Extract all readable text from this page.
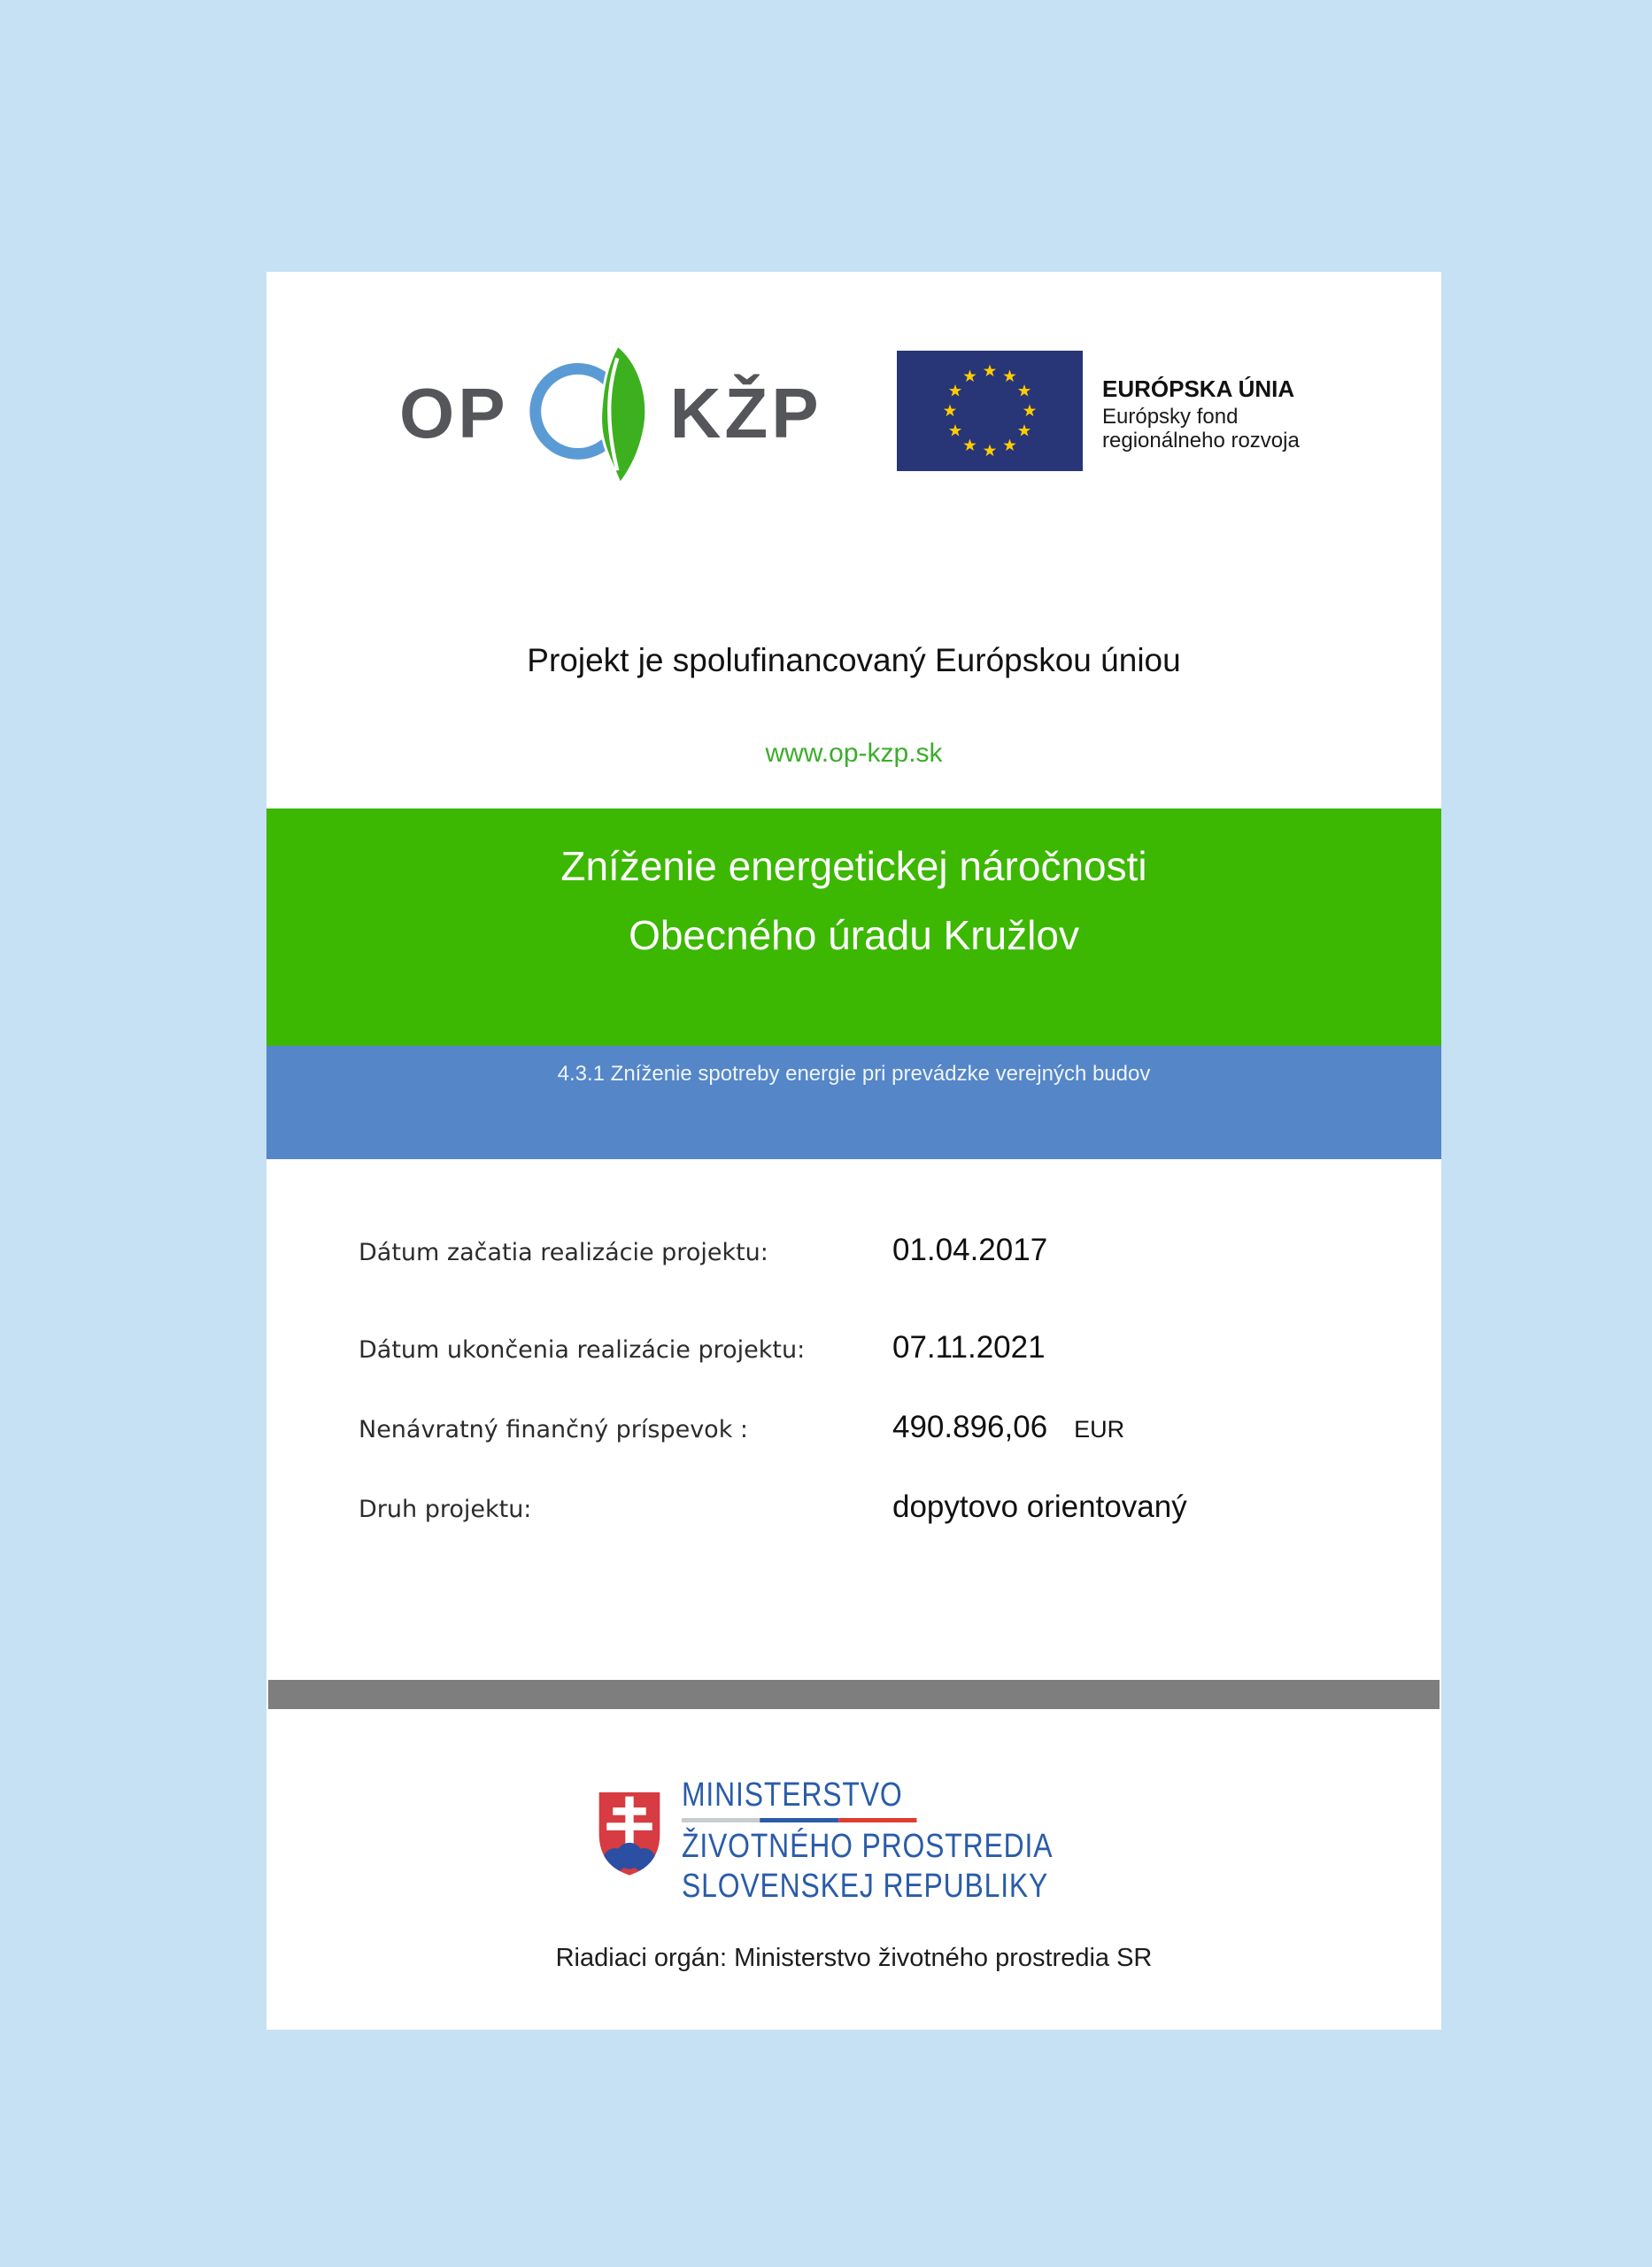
OP KŽP	EURÓPSKA ÚNIA
Európsky fond
regionálneho rozvoja
Projekt je spolufinancovaný Európskou úniou
www.op-kzp.sk
Zníženie energetickej náročnosti
Obecného úradu Kružlov
4.3.1 Zníženie spotreby energie pri prevádzke verejných budov
Dátum začatia realizácie projektu:	01.04.2017
Dátum ukončenia realizácie projektu:	07.11.2021
Nenávratný finančný príspevok :	490.896,06 EUR
Druh projektu:	dopytovo orientovaný
MINISTERSTVO
ŽIVOTNÉHO PROSTREDIA
SLOVENSKEJ REPUBLIKY
Riadiaci orgán: Ministerstvo životného prostredia SR
